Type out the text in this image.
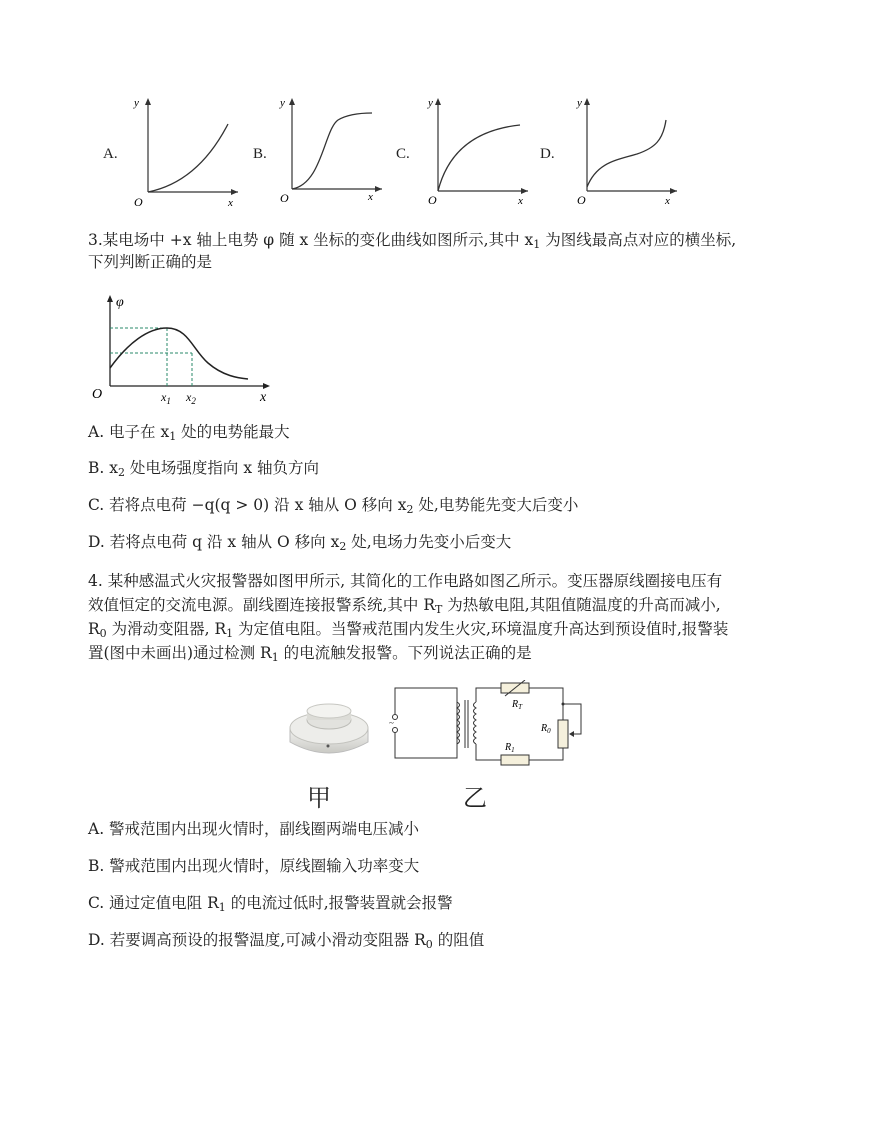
A.	B.	C.	D.
y
O	x
y
O	x
y
O	x
y
O	x
3.某电场中 +x 轴上电势 φ 随 x 坐标的变化曲线如图所示,其中 $x_1$ 为图线最高点对应的横坐标,
下列判断正确的是
φ
O	x
$x_1$ $x_2$
A. 电子在 $x_1$ 处的电势能最大
B. $x_2$ 处电场强度指向 x 轴负方向
C. 若将点电荷 −q(q > 0) 沿 x 轴从 O 移向 $x_2$ 处,电势能先变大后变小
D. 若将点电荷 q 沿 x 轴从 O 移向 $x_2$ 处,电场力先变小后变大
4. 某种感温式火灾报警器如图甲所示, 其简化的工作电路如图乙所示。变压器原线圈接电压有
效值恒定的交流电源。副线圈连接报警系统,其中 $R_T$ 为热敏电阻,其阻值随温度的升高而减小,
$R_0$ 为滑动变阻器, $R_1$ 为定值电阻。当警戒范围内发生火灾,环境温度升高达到预设值时,报警装
置(图中未画出)通过检测 $R_1$ 的电流触发报警。下列说法正确的是
~
$R_T$
$R_0$
$R_1$
甲	乙
A. 警戒范围内出现火情时，副线圈两端电压减小
B. 警戒范围内出现火情时，原线圈输入功率变大
C. 通过定值电阻 $R_1$ 的电流过低时,报警装置就会报警
D. 若要调高预设的报警温度,可减小滑动变阻器 $R_0$ 的阻值
